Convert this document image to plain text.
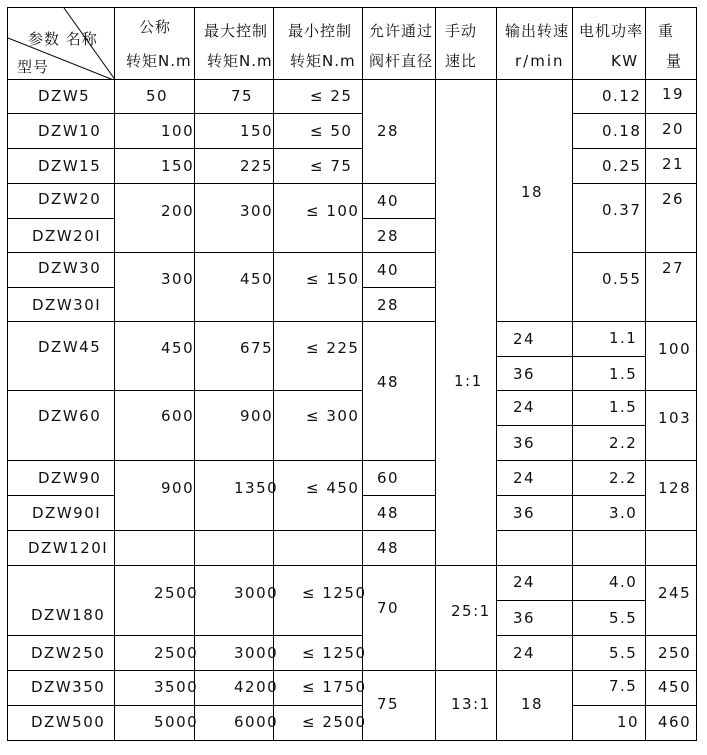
参数 名称
型号
公称
转矩N.m
最大控制
转矩N.m
最小控制
转矩N.m
允许通过
阀杆直径
手动
速比
输出转速
r/min
电机功率
KW
重
量
DZW5
DZW10
DZW15
DZW20
DZW20I
DZW30
DZW30I
DZW45
DZW60
DZW90
DZW90I
DZW120I
DZW180
DZW250
DZW350
DZW500
50
100
150
200
300
450
600
900
2500
2500
3500
5000
75
150
225
300
450
675
900
1350
3000
3000
4200
6000
≤ 25
≤ 50
≤ 75
≤ 100
≤ 150
≤ 225
≤ 300
≤ 450
≤ 1250
≤ 1250
≤ 1750
≤ 2500
28
40
28
40
28
48
60
48
48
70
75
1:1
25:1
13:1
18
24
36
24
36
24
36
24
36
24
18
0.12
0.18
0.25
0.37
0.55
1.1
1.5
1.5
2.2
2.2
3.0
4.0
5.5
5.5
7.5
10
19
20
21
26
27
100
103
128
245
250
450
460
